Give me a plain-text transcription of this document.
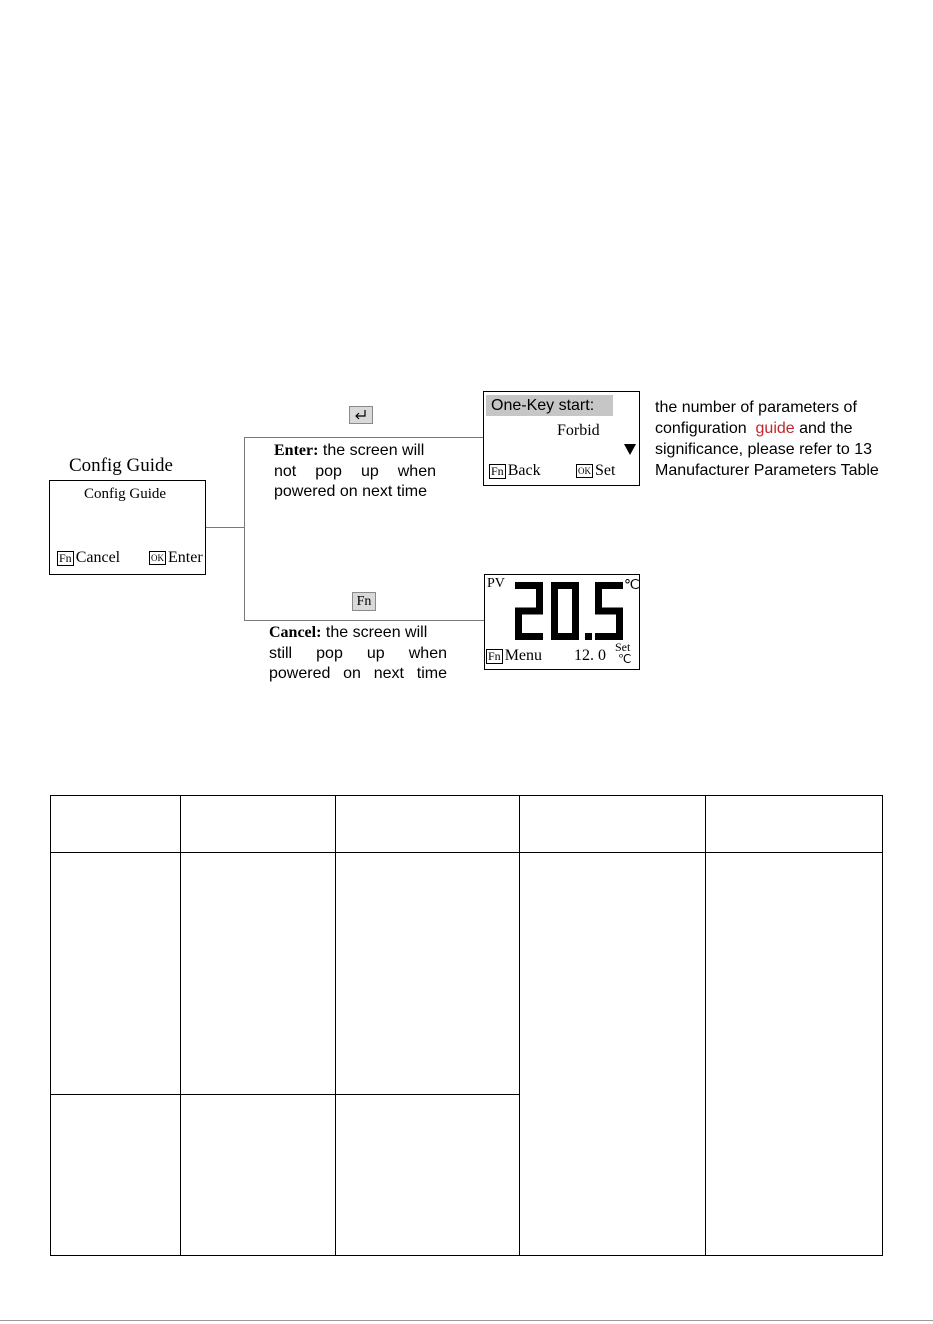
Config Guide
Config Guide
Fn Cancel	OK Enter
Enter: the screen will
not pop up when
powered on next time
Fn
Cancel: the screen will
still pop up when
powered on next time
One-Key start:
Forbid
Fn Back	OK Set
the number of parameters of
configuration guide and the
significance, please refer to 13
Manufacturer Parameters Table
PV	℃
Fn Menu 12. 0 Set
℃
